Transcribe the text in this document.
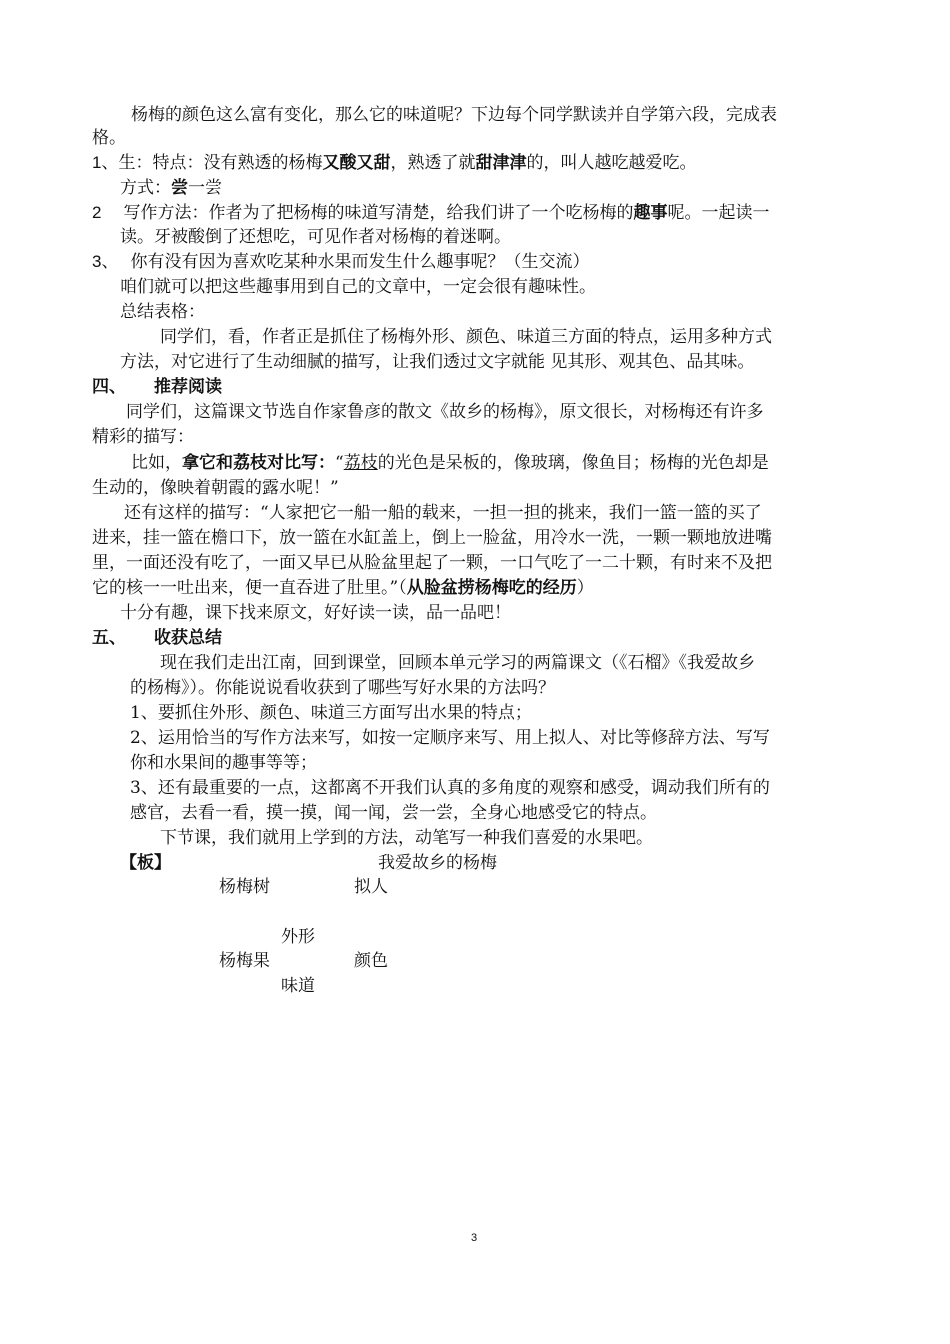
杨梅的颜色这么富有变化，那么它的味道呢？下边每个同学默读并自学第六段，完成表
格。
1、生：特点：没有熟透的杨梅又酸又甜，熟透了就甜津津的，叫人越吃越爱吃。
方式：尝一尝
2 写作方法：作者为了把杨梅的味道写清楚，给我们讲了一个吃杨梅的趣事呢。一起读一
读。牙被酸倒了还想吃，可见作者对杨梅的着迷啊。
3、 你有没有因为喜欢吃某种水果而发生什么趣事呢？（生交流）
咱们就可以把这些趣事用到自己的文章中，一定会很有趣味性。
总结表格：
同学们，看，作者正是抓住了杨梅外形、颜色、味道三方面的特点，运用多种方式
方法，对它进行了生动细腻的描写，让我们透过文字就能 见其形、观其色、品其味。
四、 推荐阅读
同学们，这篇课文节选自作家鲁彦的散文《故乡的杨梅》，原文很长，对杨梅还有许多
精彩的描写：
比如，拿它和荔枝对比写：“荔枝的光色是呆板的，像玻璃，像鱼目；杨梅的光色却是
生动的，像映着朝霞的露水呢！”
还有这样的描写：“人家把它一船一船的载来，一担一担的挑来，我们一篮一篮的买了
进来，挂一篮在檐口下，放一篮在水缸盖上，倒上一脸盆，用冷水一洗，一颗一颗地放进嘴
里，一面还没有吃了，一面又早已从脸盆里起了一颗，一口气吃了一二十颗，有时来不及把
它的核一一吐出来，便一直吞进了肚里。”（从脸盆捞杨梅吃的经历）
十分有趣，课下找来原文，好好读一读，品一品吧！
五、 收获总结
现在我们走出江南，回到课堂，回顾本单元学习的两篇课文（《石榴》《我爱故乡
的杨梅》）。你能说说看收获到了哪些写好水果的方法吗？
1、要抓住外形、颜色、味道三方面写出水果的特点；
2、运用恰当的写作方法来写，如按一定顺序来写、用上拟人、对比等修辞方法、写写
你和水果间的趣事等等；
3、还有最重要的一点，这都离不开我们认真的多角度的观察和感受，调动我们所有的
感官，去看一看，摸一摸，闻一闻，尝一尝，全身心地感受它的特点。
下节课，我们就用上学到的方法，动笔写一种我们喜爱的水果吧。
【板】	我爱故乡的杨梅
杨梅树	拟人
外形
杨梅果	颜色
味道
3
